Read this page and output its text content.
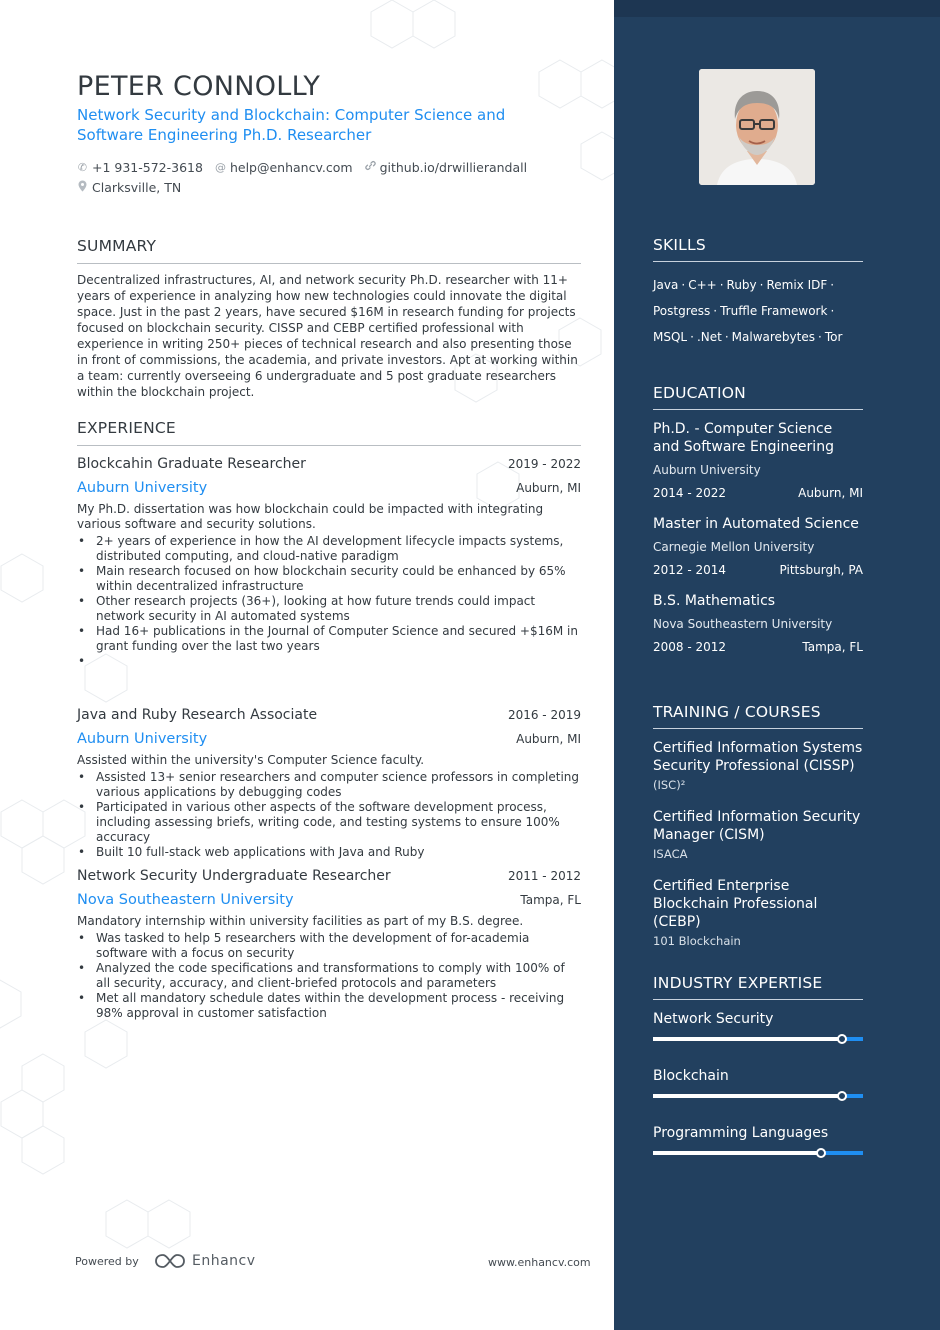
PETER CONNOLLY
Network Security and Blockchain: Computer Science and Software Engineering Ph.D. Researcher
✆ +1 931-572-3618 @ help@enhancv.com github.io/drwillierandall
Clarksville, TN
SUMMARY
Decentralized infrastructures, AI, and network security Ph.D. researcher with 11+ years of experience in analyzing how new technologies could innovate the digital space. Just in the past 2 years, have secured $16M in research funding for projects focused on blockchain security. CISSP and CEBP certified professional with experience in writing 250+ pieces of technical research and also presenting those in front of commissions, the academia, and private investors. Apt at working within a team: currently overseeing 6 undergraduate and 5 post graduate researchers within the blockchain project.
EXPERIENCE
Blockcahin Graduate Researcher	2019 - 2022
Auburn University	Auburn, MI
My Ph.D. dissertation was how blockchain could be impacted with integrating various software and security solutions.
• 2+ years of experience in how the AI development lifecycle impacts systems, distributed computing, and cloud-native paradigm
• Main research focused on how blockchain security could be enhanced by 65% within decentralized infrastructure
• Other research projects (36+), looking at how future trends could impact network security in AI automated systems
• Had 16+ publications in the Journal of Computer Science and secured +$16M in grant funding over the last two years
•
Java and Ruby Research Associate	2016 - 2019
Auburn University	Auburn, MI
Assisted within the university's Computer Science faculty.
• Assisted 13+ senior researchers and computer science professors in completing various applications by debugging codes
• Participated in various other aspects of the software development process, including assessing briefs, writing code, and testing systems to ensure 100% accuracy
• Built 10 full-stack web applications with Java and Ruby
Network Security Undergraduate Researcher	2011 - 2012
Nova Southeastern University	Tampa, FL
Mandatory internship within university facilities as part of my B.S. degree.
• Was tasked to help 5 researchers with the development of for-academia software with a focus on security
• Analyzed the code specifications and transformations to comply with 100% of all security, accuracy, and client-briefed protocols and parameters
• Met all mandatory schedule dates within the development process - receiving 98% approval in customer satisfaction
Powered by	Enhancv	www.enhancv.com
SKILLS
Java · C++ · Ruby · Remix IDF ·
Postgress · Truffle Framework ·
MSQL · .Net · Malwarebytes · Tor
EDUCATION
Ph.D. - Computer Science and Software Engineering
Auburn University
2014 - 2022	Auburn, MI
Master in Automated Science
Carnegie Mellon University
2012 - 2014	Pittsburgh, PA
B.S. Mathematics
Nova Southeastern University
2008 - 2012	Tampa, FL
TRAINING / COURSES
Certified Information Systems Security Professional (CISSP)
(ISC)²
Certified Information Security Manager (CISM)
ISACA
Certified Enterprise Blockchain Professional (CEBP)
101 Blockchain
INDUSTRY EXPERTISE
Network Security
Blockchain
Programming Languages
